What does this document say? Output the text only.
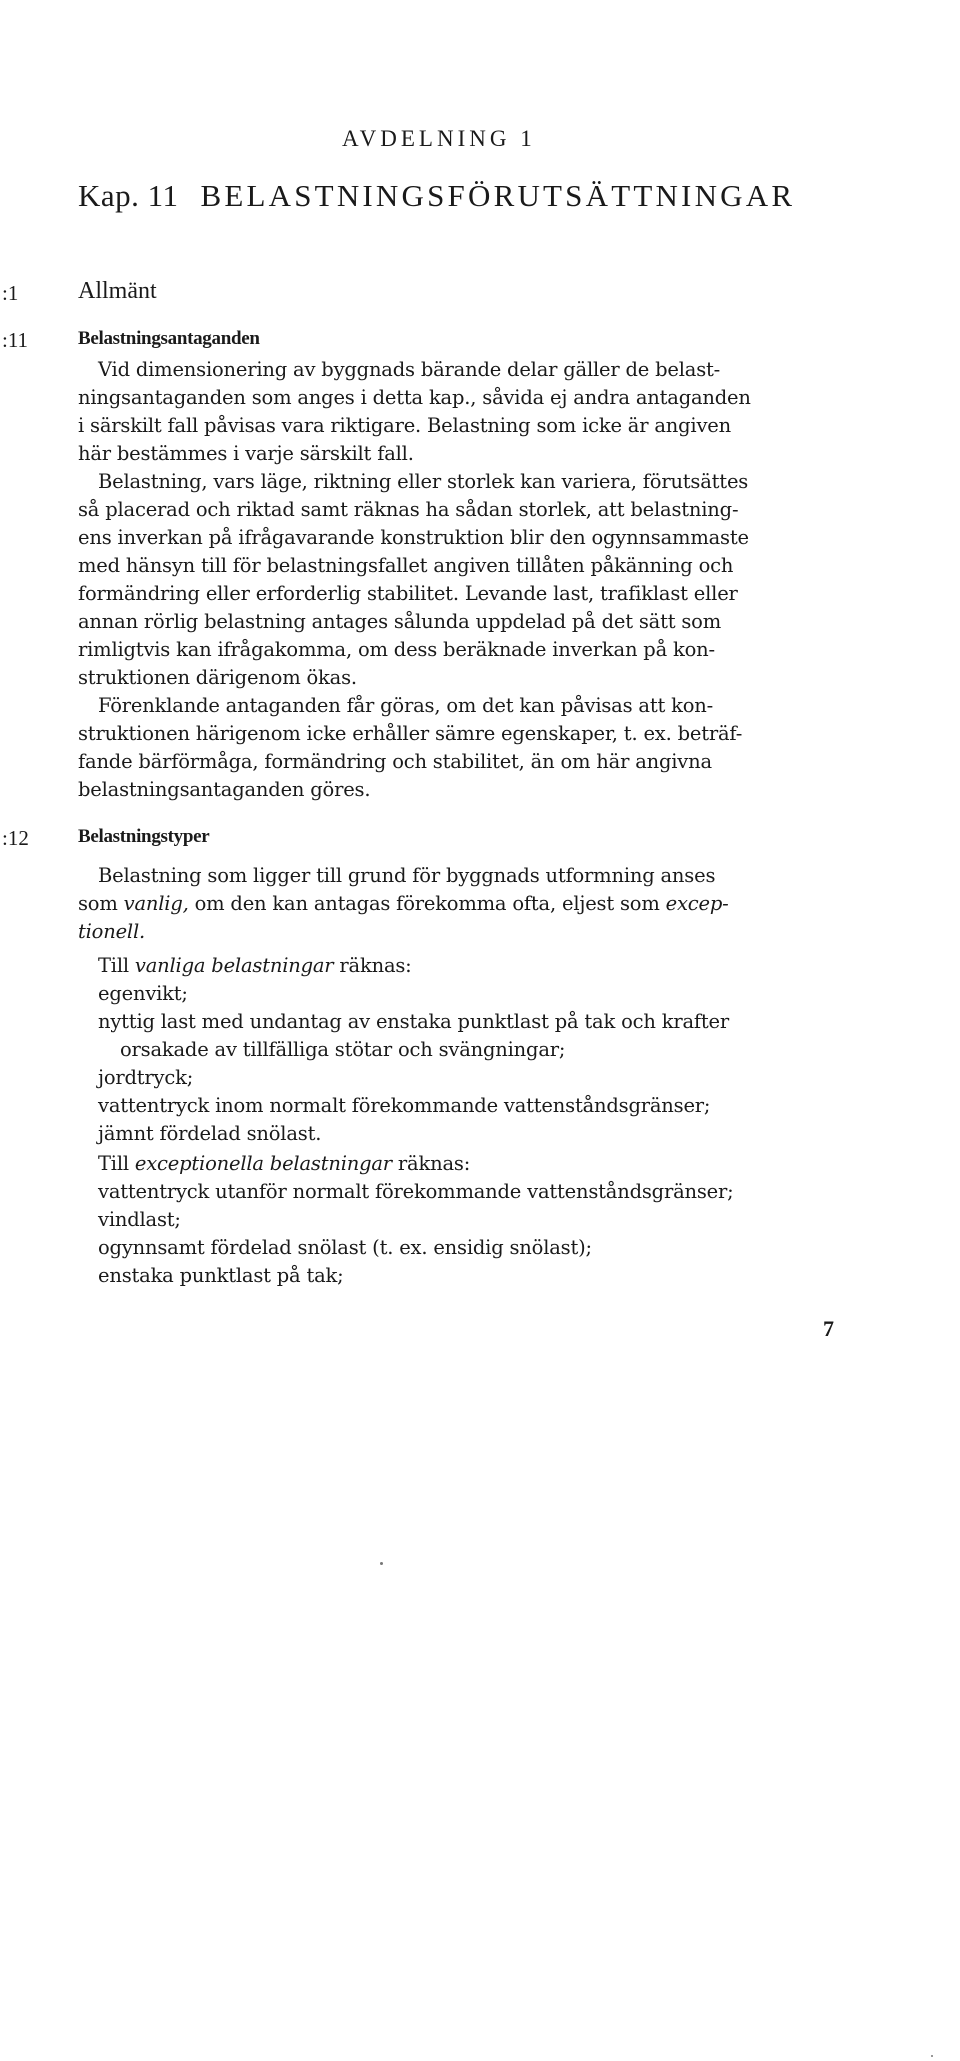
AVDELNING 1
Kap. 11 BELASTNINGSFÖRUTSÄTTNINGAR
:1 Allmänt
:11	Belastningsantaganden
Vid dimensionering av byggnads bärande delar gäller de belast-
ningsantaganden som anges i detta kap., såvida ej andra antaganden
i särskilt fall påvisas vara riktigare. Belastning som icke är angiven
här bestämmes i varje särskilt fall.
Belastning, vars läge, riktning eller storlek kan variera, förutsättes
så placerad och riktad samt räknas ha sådan storlek, att belastning-
ens inverkan på ifrågavarande konstruktion blir den ogynnsammaste
med hänsyn till för belastningsfallet angiven tillåten påkänning och
formändring eller erforderlig stabilitet. Levande last, trafiklast eller
annan rörlig belastning antages sålunda uppdelad på det sätt som
rimligtvis kan ifrågakomma, om dess beräknade inverkan på kon-
struktionen därigenom ökas.
Förenklande antaganden får göras, om det kan påvisas att kon-
struktionen härigenom icke erhåller sämre egenskaper, t. ex. beträf-
fande bärförmåga, formändring och stabilitet, än om här angivna
belastningsantaganden göres.
:12	Belastningstyper
Belastning som ligger till grund för byggnads utformning anses
som vanlig, om den kan antagas förekomma ofta, eljest som excep-
tionell.
Till vanliga belastningar räknas:
egenvikt;
nyttig last med undantag av enstaka punktlast på tak och krafter
orsakade av tillfälliga stötar och svängningar;
jordtryck;
vattentryck inom normalt förekommande vattenståndsgränser;
jämnt fördelad snölast.
Till exceptionella belastningar räknas:
vattentryck utanför normalt förekommande vattenståndsgränser;
vindlast;
ogynnsamt fördelad snölast (t. ex. ensidig snölast);
enstaka punktlast på tak;
7
